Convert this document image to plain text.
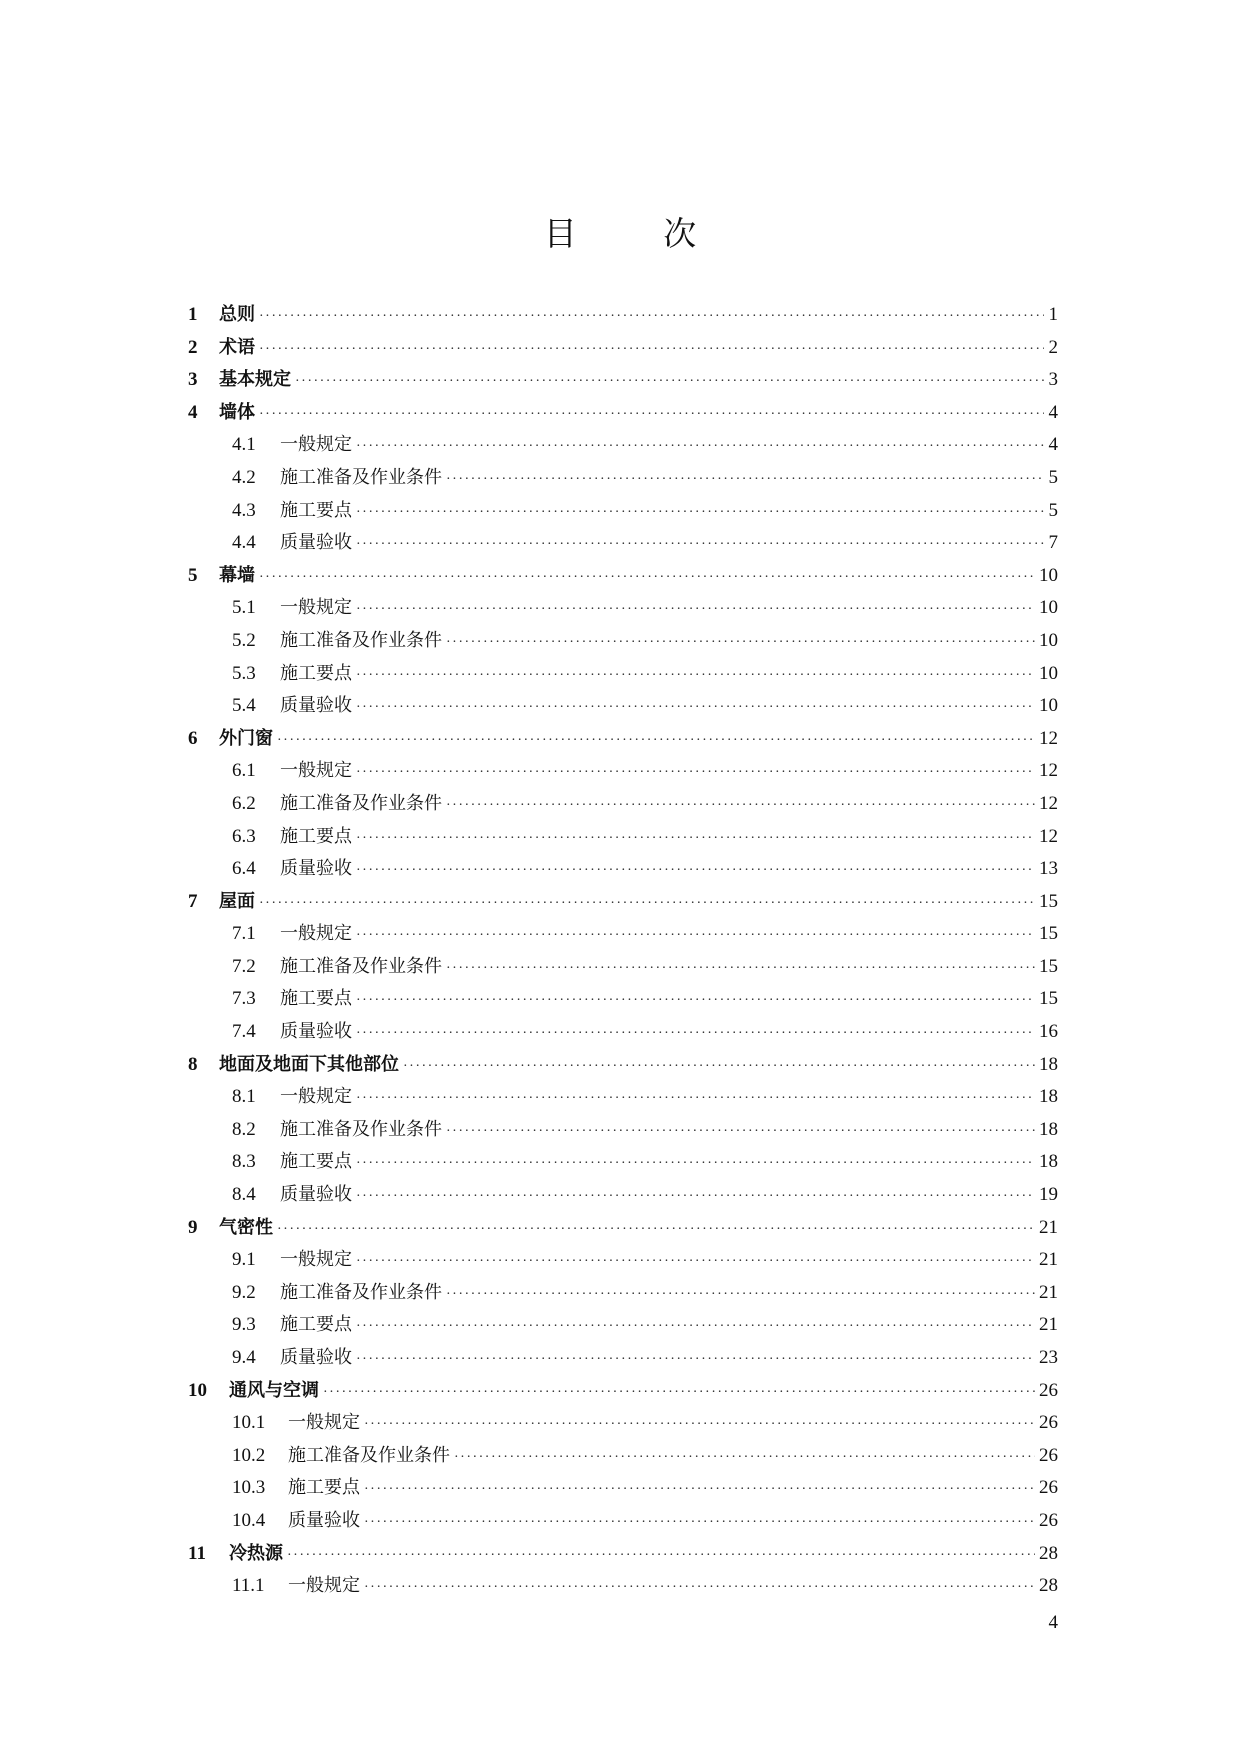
目 次
1	总则 ·····	1
2	术语 ·····	2
3	基本规定 ·····	3
4	墙体 ·····	4
4.1	一般规定 ·····	4
4.2	施工准备及作业条件 ·····	5
4.3	施工要点 ·····	5
4.4	质量验收 ·····	7
5	幕墙 ·····	10
5.1	一般规定 ·····	10
5.2	施工准备及作业条件 ·····	10
5.3	施工要点 ·····	10
5.4	质量验收 ·····	10
6	外门窗 ·····	12
6.1	一般规定 ·····	12
6.2	施工准备及作业条件 ·····	12
6.3	施工要点 ·····	12
6.4	质量验收 ·····	13
7	屋面 ·····	15
7.1	一般规定 ·····	15
7.2	施工准备及作业条件 ·····	15
7.3	施工要点 ·····	15
7.4	质量验收 ·····	16
8	地面及地面下其他部位 ·····	18
8.1	一般规定 ·····	18
8.2	施工准备及作业条件 ·····	18
8.3	施工要点 ·····	18
8.4	质量验收 ·····	19
9	气密性 ·····	21
9.1	一般规定 ·····	21
9.2	施工准备及作业条件 ·····	21
9.3	施工要点 ·····	21
9.4	质量验收 ·····	23
10	通风与空调 ·····	26
10.1	一般规定 ·····	26
10.2	施工准备及作业条件 ·····	26
10.3	施工要点 ·····	26
10.4	质量验收 ·····	26
11	冷热源 ·····	28
11.1	一般规定 ·····	28
4
